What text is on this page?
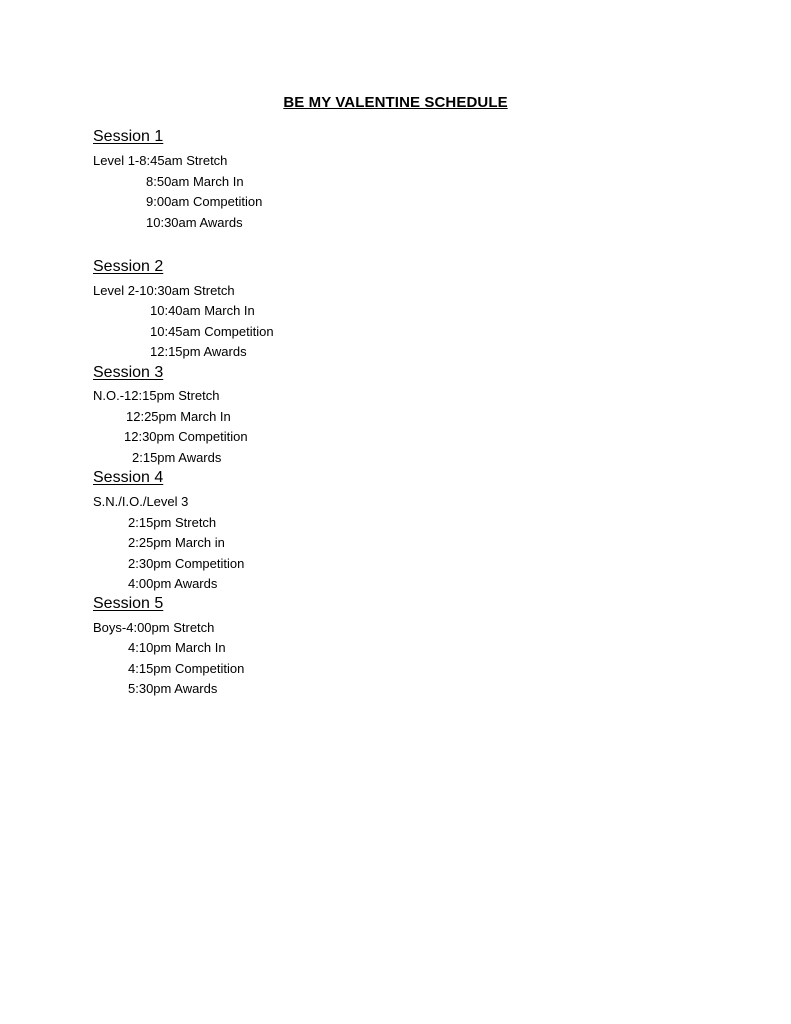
BE MY VALENTINE SCHEDULE
Session 1
Level 1-8:45am Stretch
8:50am March In
9:00am Competition
10:30am Awards
Session 2
Level 2-10:30am Stretch
10:40am March In
10:45am Competition
12:15pm Awards
Session 3
N.O.-12:15pm Stretch
12:25pm March In
12:30pm Competition
2:15pm Awards
Session 4
S.N./I.O./Level 3
2:15pm Stretch
2:25pm March in
2:30pm Competition
4:00pm Awards
Session 5
Boys-4:00pm Stretch
4:10pm March In
4:15pm Competition
5:30pm Awards
